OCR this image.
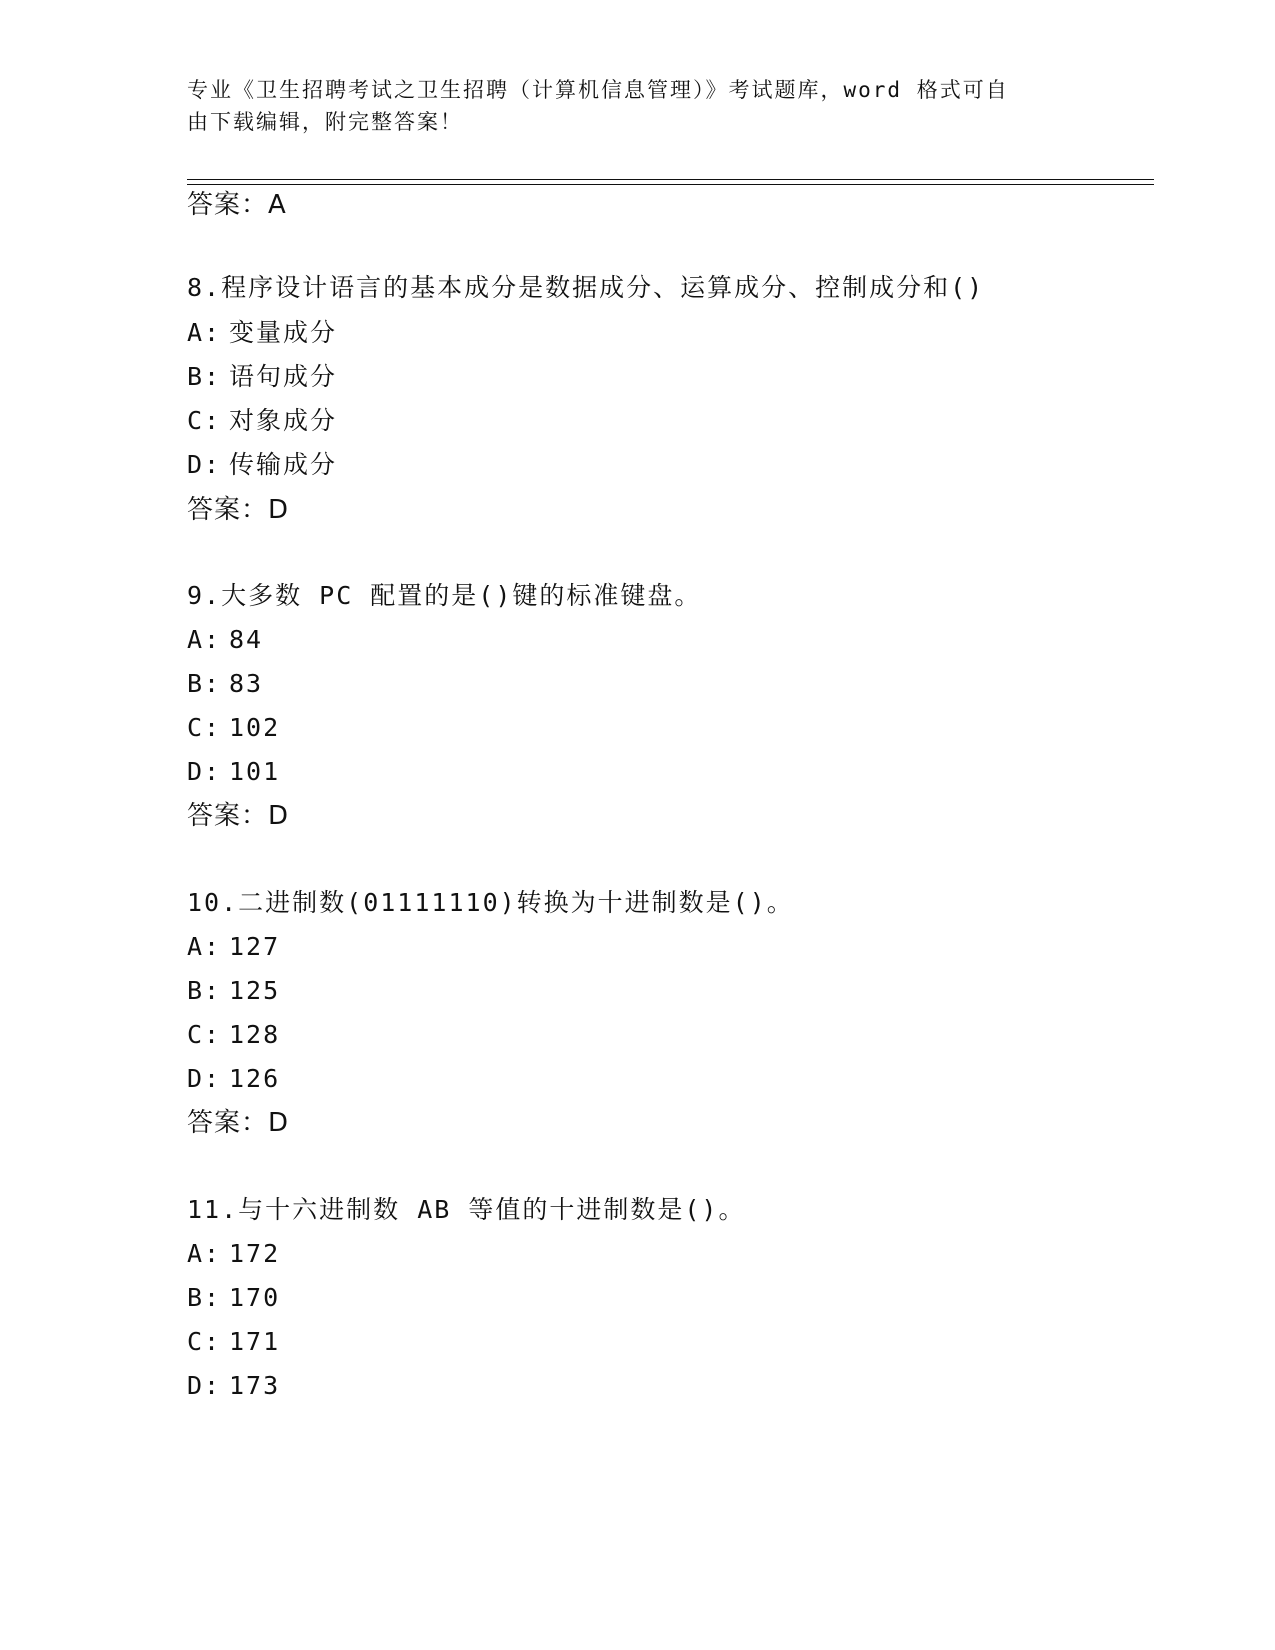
专业《卫生招聘考试之卫生招聘（计算机信息管理）》考试题库，word 格式可自
由下载编辑，附完整答案！
答案：A
8.程序设计语言的基本成分是数据成分、运算成分、控制成分和()
A: 变量成分
B: 语句成分
C: 对象成分
D: 传输成分
答案：D
9.大多数 PC 配置的是()键的标准键盘。
A: 84
B: 83
C: 102
D: 101
答案：D
10.二进制数(01111110)转换为十进制数是()。
A: 127
B: 125
C: 128
D: 126
答案：D
11.与十六进制数 AB 等值的十进制数是()。
A: 172
B: 170
C: 171
D: 173
